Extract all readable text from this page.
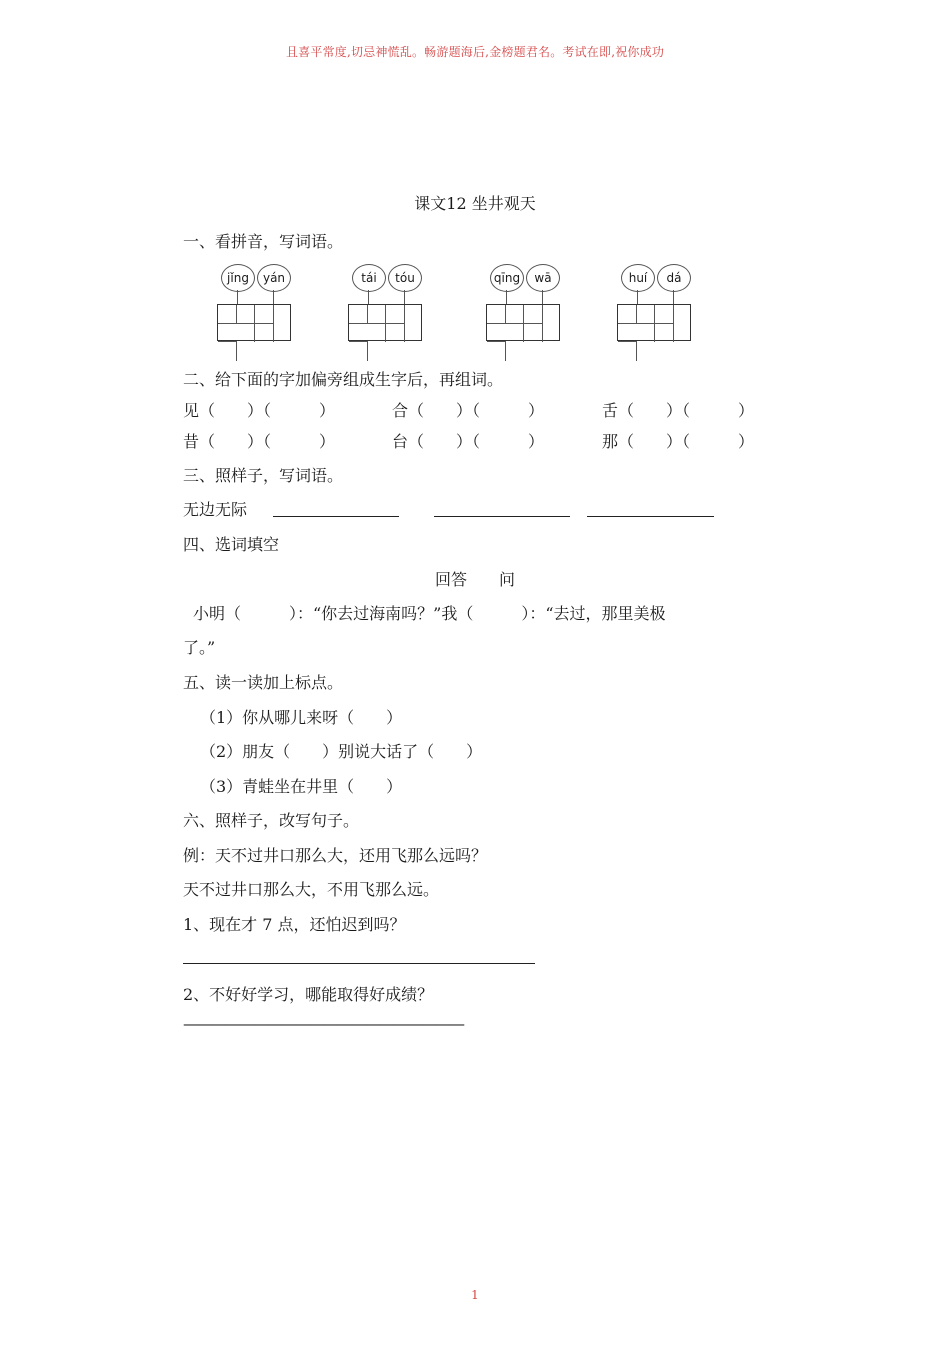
且喜平常度,切忌神慌乱。畅游题海后,金榜题君名。考试在即,祝你成功
课文12 坐井观天
一、看拼音，写词语。
jǐng	yán	tái	tóu	qīng	wā	huí	dá
二、给下面的字加偏旁组成生字后，再组词。
见（　　）（　　　）	合（　　）（　　　）	舌（　　）（　　　）
昔（　　）（　　　）	台（　　）（　　　）	那（　　）（　　　）
三、照样子，写词语。
无边无际
四、选词填空
回答　　问
小明（　　　）：“你去过海南吗？”我（　　　）：“去过，那里美极
了。”
五、读一读加上标点。
（1）你从哪儿来呀（　　）
（2）朋友（　　）别说大话了（　　）
（3）青蛙坐在井里（　　）
六、照样子，改写句子。
例：天不过井口那么大，还用飞那么远吗？
天不过井口那么大，不用飞那么远。
1、现在才 7 点，还怕迟到吗？
2、不好好学习，哪能取得好成绩？
————————————————————
1
